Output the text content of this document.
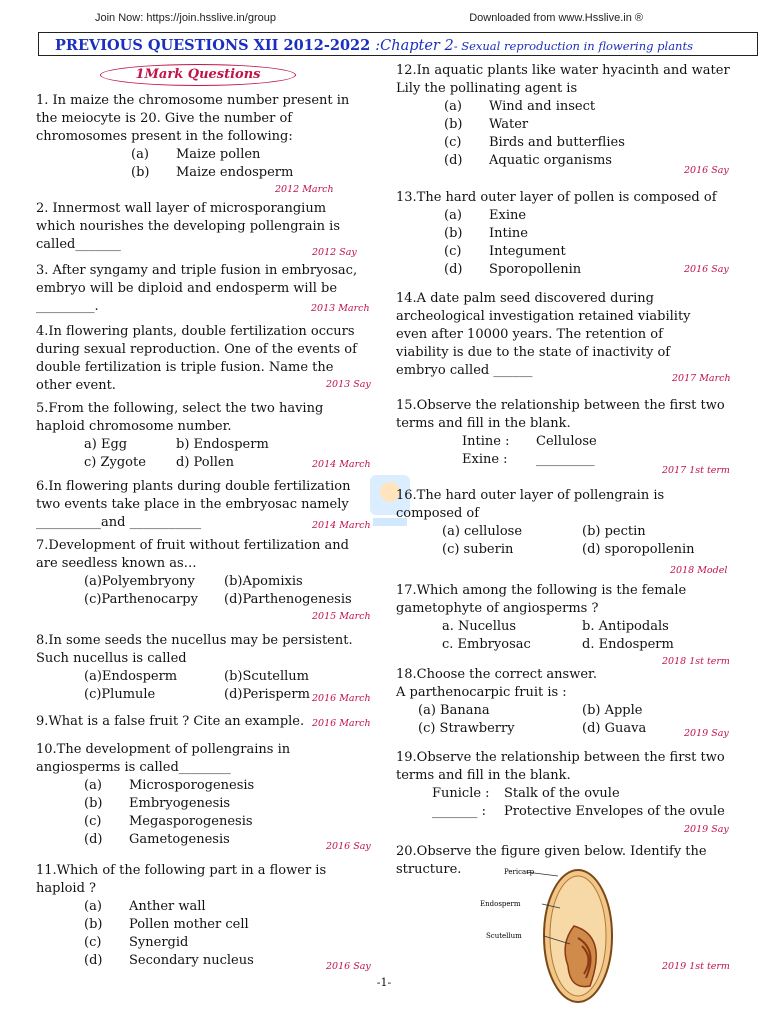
Join Now: https://join.hsslive.in/group	Downloaded from www.Hsslive.in ®
PREVIOUS QUESTIONS XII 2012-2022 :Chapter 2- Sexual reproduction in flowering plants
1Mark Questions
1. In maize the chromosome number present in
the meiocyte is 20. Give the number of
chromosomes present in the following:
(a) Maize pollen
(b) Maize endosperm
2012 March
2. Innermost wall layer of microsporangium
which nourishes the developing pollengrain is
called_______
2012 Say
3. After syngamy and triple fusion in embryosac,
embryo will be diploid and endosperm will be
_________.	2013 March
4.In flowering plants, double fertilization occurs
during sexual reproduction. One of the events of
double fertilization is triple fusion. Name the
other event.	2013 Say
5.From the following, select the two having
haploid chromosome number.
a) Egg	b) Endosperm
c) Zygote d) Pollen	2014 March
6.In flowering plants during double fertilization
two events take place in the embryosac namely
__________and ___________	2014 March
7.Development of fruit without fertilization and
are seedless known as…
(a)Polyembryony (b)Apomixis
(c)Parthenocarpy (d)Parthenogenesis
2015 March
8.In some seeds the nucellus may be persistent.
Such nucellus is called
(a)Endosperm	(b)Scutellum
(c)Plumule	(d)Perisperm 2016 March
9.What is a false fruit ? Cite an example. 2016 March
10.The development of pollengrains in
angiosperms is called________
(a) Microsporogenesis
(b) Embryogenesis
(c) Megasporogenesis
(d) Gametogenesis	2016 Say
11.Which of the following part in a flower is
haploid ?
(a) Anther wall
(b) Pollen mother cell
(c) Synergid
(d) Secondary nucleus	2016 Say
12.In aquatic plants like water hyacinth and water
Lily the pollinating agent is
(a) Wind and insect
(b) Water
(c) Birds and butterflies
(d) Aquatic organisms
2016 Say
13.The hard outer layer of pollen is composed of
(a) Exine
(b) Intine
(c) Integument
(d) Sporopollenin	2016 Say
14.A date palm seed discovered during
archeological investigation retained viability
even after 10000 years. The retention of
viability is due to the state of inactivity of
embryo called ______
2017 March
15.Observe the relationship between the first two
terms and fill in the blank.
Intine : Cellulose
Exine : _________
2017 1st term
16.The hard outer layer of pollengrain is
composed of
(a) cellulose	(b) pectin
(c) suberin	(d) sporopollenin
2018 Model
17.Which among the following is the female
gametophyte of angiosperms ?
a. Nucellus	b. Antipodals
c. Embryosac	d. Endosperm
2018 1st term
18.Choose the correct answer.
A parthenocarpic fruit is :
(a) Banana	(b) Apple
(c) Strawberry	(d) Guava	2019 Say
19.Observe the relationship between the first two
terms and fill in the blank.
Funicle : Stalk of the ovule
_______ : Protective Envelopes of the ovule
2019 Say
20.Observe the figure given below. Identify the
structure.
2019 1st term
Pericarp
Endosperm
Scutellum
-1-
